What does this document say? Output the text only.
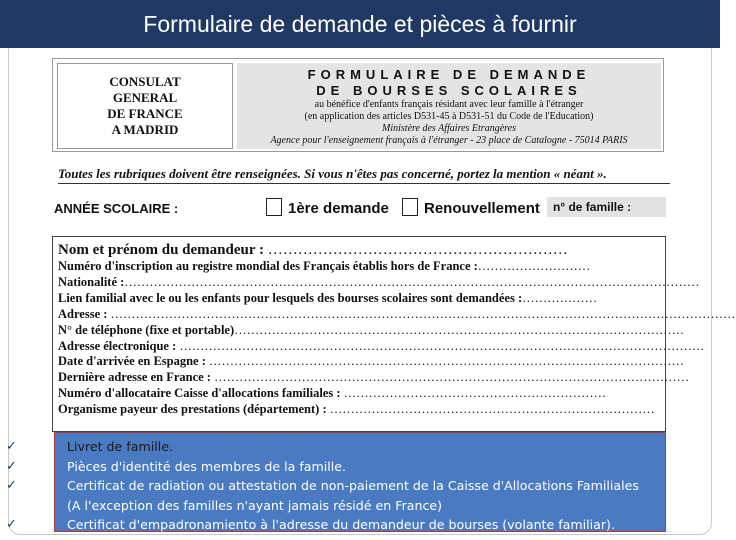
Formulaire de demande et pièces à fournir
CONSULAT
GENERAL
DE FRANCE
A MADRID
FORMULAIRE DE DEMANDE
DE BOURSES SCOLAIRES
au bénéfice d'enfants français résidant avec leur famille à l'étranger
(en application des articles D531-45 à D531-51 du Code de l'Education)
Ministère des Affaires Etrangères
Agence pour l'enseignement français à l'étranger - 23 place de Catalogne - 75014 PARIS
Toutes les rubriques doivent être renseignées. Si vous n'êtes pas concerné, portez la mention « néant ».
ANNÉE SCOLAIRE :	1ère demande Renouvellement	n° de famille :
Nom et prénom du demandeur : ……………………………………………………
Numéro d'inscription au registre mondial des Français établis hors de France :………………………
Nationalité :…………………………………………………………………………………………………………………………
Lien familial avec le ou les enfants pour lesquels des bourses scolaires sont demandées :………………
Adresse : ……………………………………………………………………………………………………………………………………
N° de téléphone (fixe et portable)………………………………………………………………………………………………
Adresse électronique : ………………………………………………………………………………………………………………
Date d'arrivée en Espagne : ……………………………………………………………………………………………………
Dernière adresse en France : ……………………………………………………………………………………………………
Numéro d'allocataire Caisse d'allocations familiales : ………………………………………………………
Organisme payeur des prestations (département) : ……………………………………………………………………
✓	Livret de famille.
✓	Pièces d'identité des membres de la famille.
✓	Certificat de radiation ou attestation de non-paiement de la Caisse d'Allocations Familiales
(A l'exception des familles n'ayant jamais résidé en France)
✓	Certificat d'empadronamiento à l'adresse du demandeur de bourses (volante familiar).
